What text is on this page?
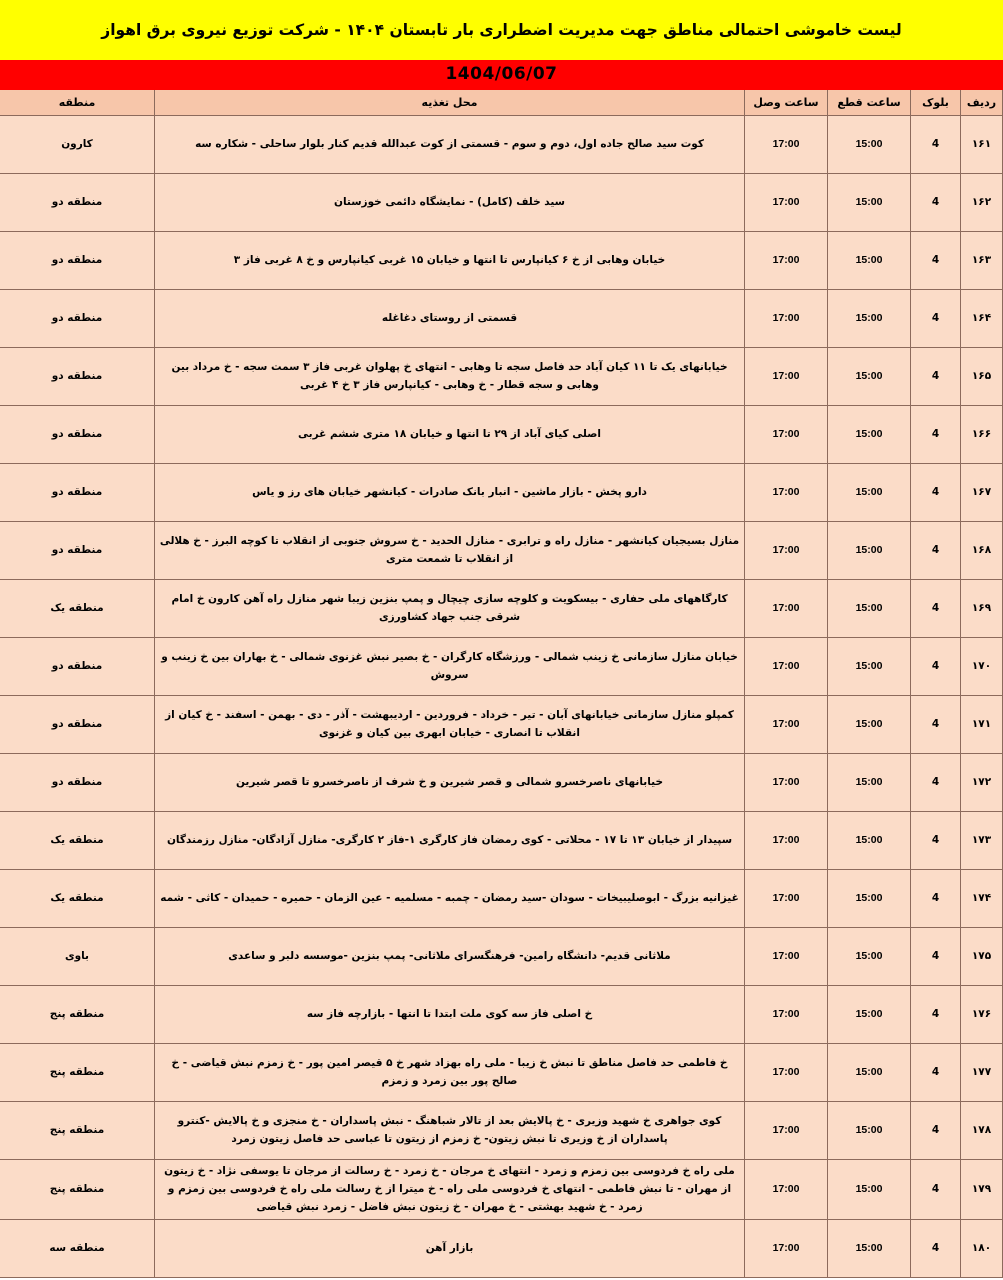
لیست خاموشی احتمالی مناطق جهت مدیریت اضطراری بار تابستان ۱۴۰۴ - شرکت توزیع نیروی برق اهواز
1404/06/07
ردیف	بلوک	ساعت قطع	ساعت وصل	محل تغذیه	منطقه
۱۶۱	4	15:00	17:00	کوت سید صالح جاده اول، دوم و سوم - قسمتی از کوت عبدالله قدیم کنار بلوار ساحلی - شکاره سه	کارون
۱۶۲	4	15:00	17:00	سید خلف (کامل) - نمایشگاه دائمی خوزستان	منطقه دو
۱۶۳	4	15:00	17:00	خیابان وهابی از خ ۶ کیانپارس تا انتها و خیابان ۱۵ غربی کیانپارس و خ ۸ غربی فاز ۳	منطقه دو
۱۶۴	4	15:00	17:00	قسمتی از روستای دغاغله	منطقه دو
۱۶۵	4	15:00	17:00	خیابانهای یک تا ۱۱ کیان آباد حد فاصل سجه تا وهابی - انتهای خ پهلوان غربی فاز ۳ سمت سجه - خ مرداد بین وهابی و سجه قطار - خ وهابی - کیانپارس فاز ۳ خ ۴ غربی	منطقه دو
۱۶۶	4	15:00	17:00	اصلی کیای آباد از ۲۹ تا انتها و خیابان ۱۸ متری ششم غربی	منطقه دو
۱۶۷	4	15:00	17:00	دارو پخش - بازار ماشین - انبار بانک صادرات - کیانشهر خیابان های رز و یاس	منطقه دو
۱۶۸	4	15:00	17:00	منازل بسیجیان کیانشهر - منازل راه و ترابری - منازل الحدید - خ سروش جنوبی از انقلاب تا کوچه البرز - خ هلالی از انقلاب تا شمعت متری	منطقه دو
۱۶۹	4	15:00	17:00	کارگاههای ملی حفاری - بیسکویت و کلوچه سازی چیچال و پمپ بنزین زیبا شهر منازل راه آهن کارون خ امام شرقی جنب جهاد کشاورزی	منطقه یک
۱۷۰	4	15:00	17:00	خیابان منازل سازمانی خ زینب شمالی - ورزشگاه کارگران - خ بصیر نبش غزنوی شمالی - خ بهاران بین خ زینب و سروش	منطقه دو
۱۷۱	4	15:00	17:00	کمپلو منازل سازمانی خیابانهای آبان - تیر - خرداد - فروردین - اردیبهشت - آذر - دی - بهمن - اسفند - خ کیان از انقلاب تا انصاری - خیابان ابهری بین کیان و غزنوی	منطقه دو
۱۷۲	4	15:00	17:00	خیابانهای ناصرخسرو شمالی و قصر شیرین و خ شرف از ناصرخسرو تا قصر شیرین	منطقه دو
۱۷۳	4	15:00	17:00	سپیدار از خیابان ۱۳ تا ۱۷ - محلاتی - کوی رمضان فاز کارگری ۱-فاز ۲ کارگری- منازل آزادگان- منازل رزمندگان	منطقه یک
۱۷۴	4	15:00	17:00	غیزانیه بزرگ - ابوصلیبیخات - سودان -سید رمضان - چمبه - مسلمیه - عین الزمان - حمیره - حمیدان - کاثی - شمه	منطقه یک
۱۷۵	4	15:00	17:00	ملاثانی قدیم- دانشگاه رامین- فرهنگسرای ملاثانی- پمپ بنزین -موسسه دلبر و ساعدی	باوی
۱۷۶	4	15:00	17:00	خ اصلی فاز سه کوی ملت ابتدا تا انتها - بازارچه فاز سه	منطقه پنج
۱۷۷	4	15:00	17:00	خ فاطمی حد فاصل مناطق تا نبش خ زیبا - ملی راه بهزاد شهر خ ۵ قیصر امین پور - خ زمزم نبش قیاضی - خ صالح پور بین زمرد و زمزم	منطقه پنج
۱۷۸	4	15:00	17:00	کوی جواهری خ شهید وزیری - خ پالایش بعد از تالار شباهنگ - نبش پاسداران - خ منجزی و خ پالایش -کنترو پاسداران از خ وزیری تا نبش زیتون- خ زمزم از زیتون تا عباسی حد فاصل زیتون زمرد	منطقه پنج
۱۷۹	4	15:00	17:00	ملی راه خ فردوسی بین زمزم و زمرد - انتهای خ مرجان - خ زمرد - خ رسالت از مرجان تا یوسفی نژاد - خ زیتون از مهران - تا نبش فاطمی - انتهای خ فردوسی ملی راه - خ میترا از خ رسالت ملی راه خ فردوسی بین زمزم و زمرد - خ شهید بهشتی - خ مهران - خ زیتون نبش فاضل - زمرد نبش قیاضی	منطقه پنج
۱۸۰	4	15:00	17:00	بازار آهن	منطقه سه
